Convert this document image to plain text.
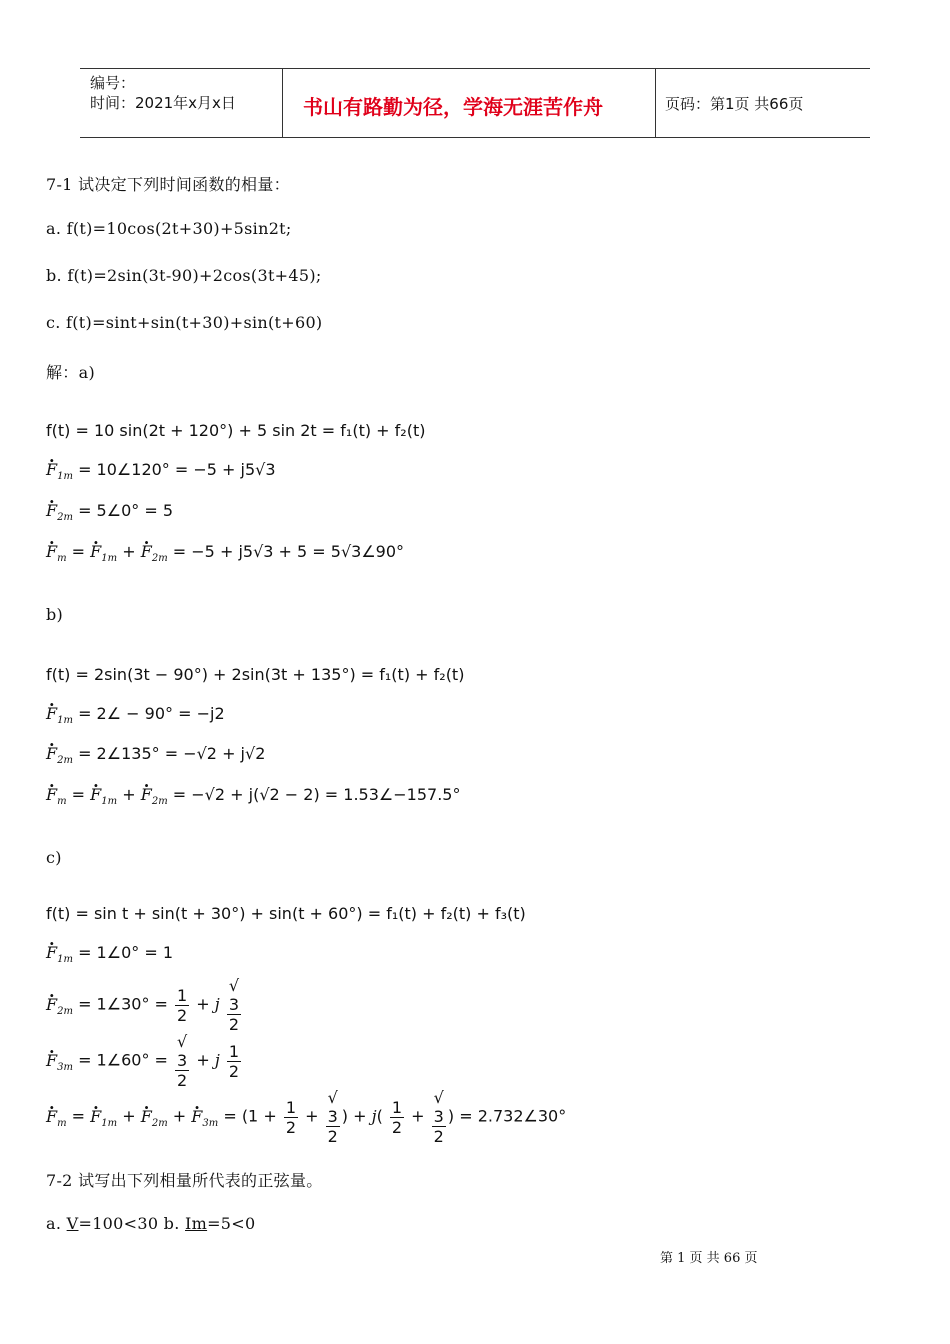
编号：
时间：2021年x月x日	书山有路勤为径，学海无涯苦作舟	页码：第1页 共66页
7-1 试决定下列时间函数的相量：
a. f(t)=10cos(2t+30)+5sin2t;
b. f(t)=2sin(3t-90)+2cos(3t+45);
c. f(t)=sint+sin(t+30)+sin(t+60)
解：a)
f(t) = 10 sin(2t + 120°) + 5 sin 2t = f₁(t) + f₂(t)
. $F_{1m}$ = 10∠120° = −5 + j5√3
. $F_{2m}$ = 5∠0° = 5
. $F_m$ = . $F_{1m}$ + . $F_{2m} = -5 + j5√3 + 5$ = 5√3∠90°
b)
f(t) = 2sin(3t − 90°) + 2sin(3t + 135°) = f₁(t) + f₂(t)
. $F_{1m}$ = 2∠ − 90° = −j2
. $F_{2m}$ = 2∠135° = −√2 + j√2
. $F_m$ = . $F_{1m}$ + . $F_{2m} = -√2 + j(√2 - 2)$ = 1.53∠−157.5°
c)
f(t) = sin t + sin(t + 30°) + sin(t + 60°) = f₁(t) + f₂(t) + f₃(t)
. $F_{1m}$ = 1∠0° = 1
. $F_{2m}$ = 1∠30° = $\frac{1}{2} + j$ √
3
2
. $F_{3m}$ = 1∠60° = √
3
2 + j $\frac{1}{2}$
. $F_m$ = . $F_{1m}$ + . $F_{2m}$ + . $F_{3m} = (1 + \frac{1}{2}$ + √
3
2 ) + $j( \frac{1}{2}$ + √
3
2 ) = 2.732∠30°
7-2 试写出下列相量所代表的正弦量。
a. V=100<30 b. Im=5<0
第 1 页 共 66 页
